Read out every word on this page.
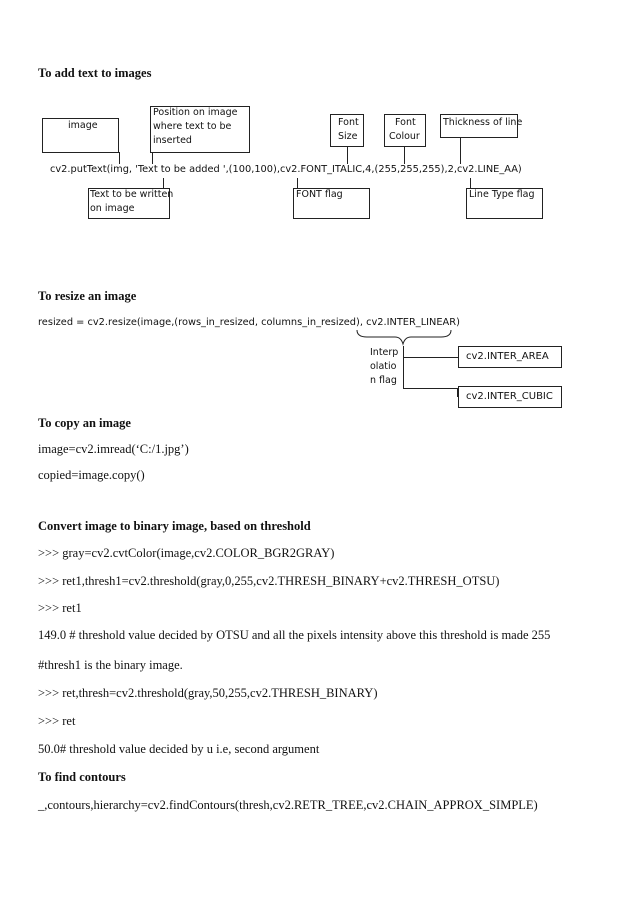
To add text to images
image
Position on image
where text to be
inserted
Font
Size
Font
Colour
Thickness of line
cv2.putText(img, 'Text to be added ',(100,100),cv2.FONT_ITALIC,4,(255,255,255),2,cv2.LINE_AA)
Text to be written
on image
FONT flag	Line Type flag
To resize an image
resized = cv2.resize(image,(rows_in_resized, columns_in_resized), cv2.INTER_LINEAR)
Interp
olatio
n flag
cv2.INTER_AREA
cv2.INTER_CUBIC
To copy an image
image=cv2.imread(‘C:/1.jpg’)
copied=image.copy()
Convert image to binary image, based on threshold
>>> gray=cv2.cvtColor(image,cv2.COLOR_BGR2GRAY)
>>> ret1,thresh1=cv2.threshold(gray,0,255,cv2.THRESH_BINARY+cv2.THRESH_OTSU)
>>> ret1
149.0 # threshold value decided by OTSU and all the pixels intensity above this threshold is made 255
#thresh1 is the binary image.
>>> ret,thresh=cv2.threshold(gray,50,255,cv2.THRESH_BINARY)
>>> ret
50.0# threshold value decided by u i.e, second argument
To find contours
_,contours,hierarchy=cv2.findContours(thresh,cv2.RETR_TREE,cv2.CHAIN_APPROX_SIMPLE)
